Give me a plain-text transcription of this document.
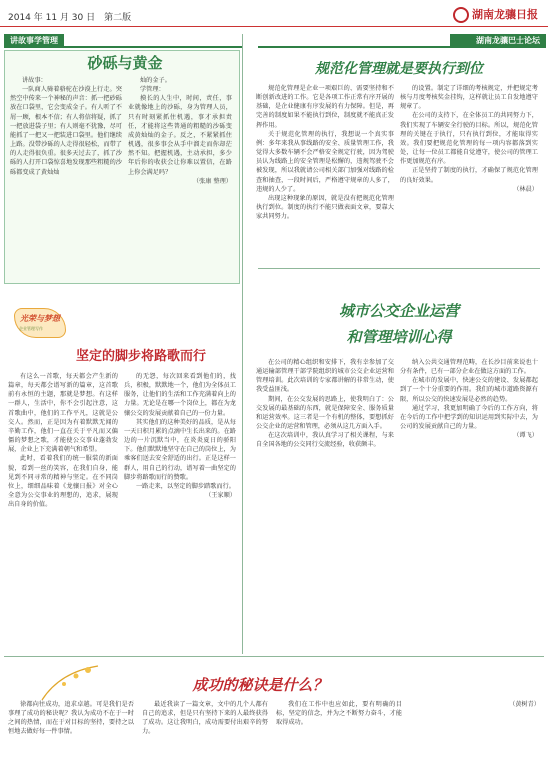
2014 年 11 月 30 日　第二版	湖南龙骧日报
讲故事学管理
砂砾与黄金

讲故事：

一队商人骑着骆驼在沙漠上行走。突然空中传来一个神秘的声音：抓一把砂砾放在口袋里，它会变成金子。有人听了不屑一顾，根本不信；有人将信将疑，抓了一把放进袋子里；有人则毫不犹豫，尽可能抓了一把又一把装进口袋里。他们继续上路。没带沙砾的人走得很轻松，而带了的人走得很负重。很多天过去了，抓了沙砾的人打开口袋惊喜地发现那些粗糙的沙砾都变成了黄灿灿

灿的金子。

学管理：

摸长的人生中，时间，责任，事业就像地上的沙砾，身为管理人员，只有时刻紧抓住机遇，事才承担责任，才能将这些普通的粗糙的沙砾变成黄灿灿的金子。反之，不紧紧抓住机遇，很多事会从手中溜走而你却茫然不知。把握机遇，主动承担，多少年后你的收获会让你难以置信，在路上你会满足吗？

（张康 整理）
光荣与梦想
企业管理写作
坚定的脚步将路歌而行

有这么一首歌，每天都会产生新的篇章，每天都会谱写新的篇章，这首歌前有永恒的主题，那就是梦想。有这样一群人，生活中，你不会引起注意，这首歌曲中，他们的工作平凡，这就是公交人。然而，正是因为有着默默无闻的辛勤工作，他们一直在关于平凡而又偏僵的梦想之歌，才能使公交事业蓬勃发展，企业上下充满着朝气和希望。

此时，看着我们的统一服装的新面貌，看到一丝的笑容，在我们自身，能见到不同寻常的精神与坚定。在不同岗位上，细细品味着《龙骧日报》对全心全意为公交事业的理想的，追求，展现出自身的价值。

的无怨，每次回来看到他们的，找兵，积极，默默地一个，他们为全体员工服务，让他们的生活和工作充满着向上的力量。无论是在哪一个岗位上，都在为龙骧公交的发展贡献着自己的一份力量。

其实他们的这种美好的品质，是从每一天日积月累的点滴中生长出来的。在路边的一片沉默当中，在炎炎夏日的骄阳下。他们默默地坚守在自己的岗位上，为乘客们送去安全舒适的出行。正是这样一群人，用自己的行动，谱写着一曲坚定的脚步将路歌而行的赞歌。

一路走来，以坚定的脚步踏歌而行。

（王家顺）
湖南龙骧巴士论坛
规范化管理就是要执行到位

规范化管理是企业一项艰巨的、需要坚持和不断创新改进的工作。它是各项工作正常有序开展的基础，是企业健康有序发展的有力保障。但是，再完善的制度如果不能执行到位，制度就不能真正发挥作用。

关于规范化管理的执行，我想说一个真实事例：多年来我从事线路的安全、质量管理工作，我觉得大多数车辆不会严格安全规定行驶，因为驾驶员认为线路上的安全管理是松懈的，违规驾驶不会被发现，所以我就请公司相关部门加强对线路的检查和抽查，一段时间后，严格遵守规章的人多了，违规的人少了。

出现这种现象的原因，就是没有把规范化管理执行到位。制度的执行不能只做表面文章，要靠大家共同努力。

的设置。制定了详细的考核规定，并把规定考核与月度考核奖金挂钩，这样就让员工自发地遵守规章了。

在公司的支持下，在全体员工的共同努力下，我们实现了车辆安全行驶的目标。所以，规范化管理的关键在于执行，只有执行到位，才能取得实效。我们要把规范化管理的每一项内容都落到实处，让每一位员工都能自觉遵守，使公司的管理工作更加规范有序。

正是坚持了制度的执行，才确保了规范化管理的良好效果。

（林晨）
城市公交企业运营
和管理培训心得

在公司的精心组织和安排下，我有幸参加了交通运输部管理干部学院组织的城市公交企业运营和管理培训。此次培训的专家都讲解的非常生动，使我受益匪浅。

期间，在公交发展的思路上，使我明白了：公交发展的最基础的东西，就是保障安全、服务质量和运营效率。这三者是一个有机的整体，要想抓好公交企业的运营和管理，必须从这几方面入手。

在这次培训中，我认真学习了相关课程，与来自全国各地的公交同行交流经验，收获颇丰。

纳入公共交通管理范畴，在长沙目前来说也十分有条件，已有一部分企业在做这方面的工作。

在城市的发展中，快速公交的建设、发展都起到了一个十分重要的作用。我们的城市道路资源有限，所以公交的快速发展是必然的趋势。

通过学习，我更加明确了今后的工作方向，将在今后的工作中把学到的知识运用到实际中去，为公司的发展贡献自己的力量。

（谭飞）
成功的秘诀是什么？

徐都向往成功，追求卓越。可是我们是否事理了成功的秘诀呢？我认为成功不在于一时之间的热情，而在于对目标的坚持，要持之以恒地去做好每一件事情。

最近我读了一篇文章，文中的几个人都有自己的追求，但是只有坚持下来的人最终获得了成功。这让我明白，成功需要付出艰辛的努力。

我们在工作中也应如此，要有明确的目标，坚定的信念，并为之不断努力奋斗，才能取得成功。

（黄树青）
